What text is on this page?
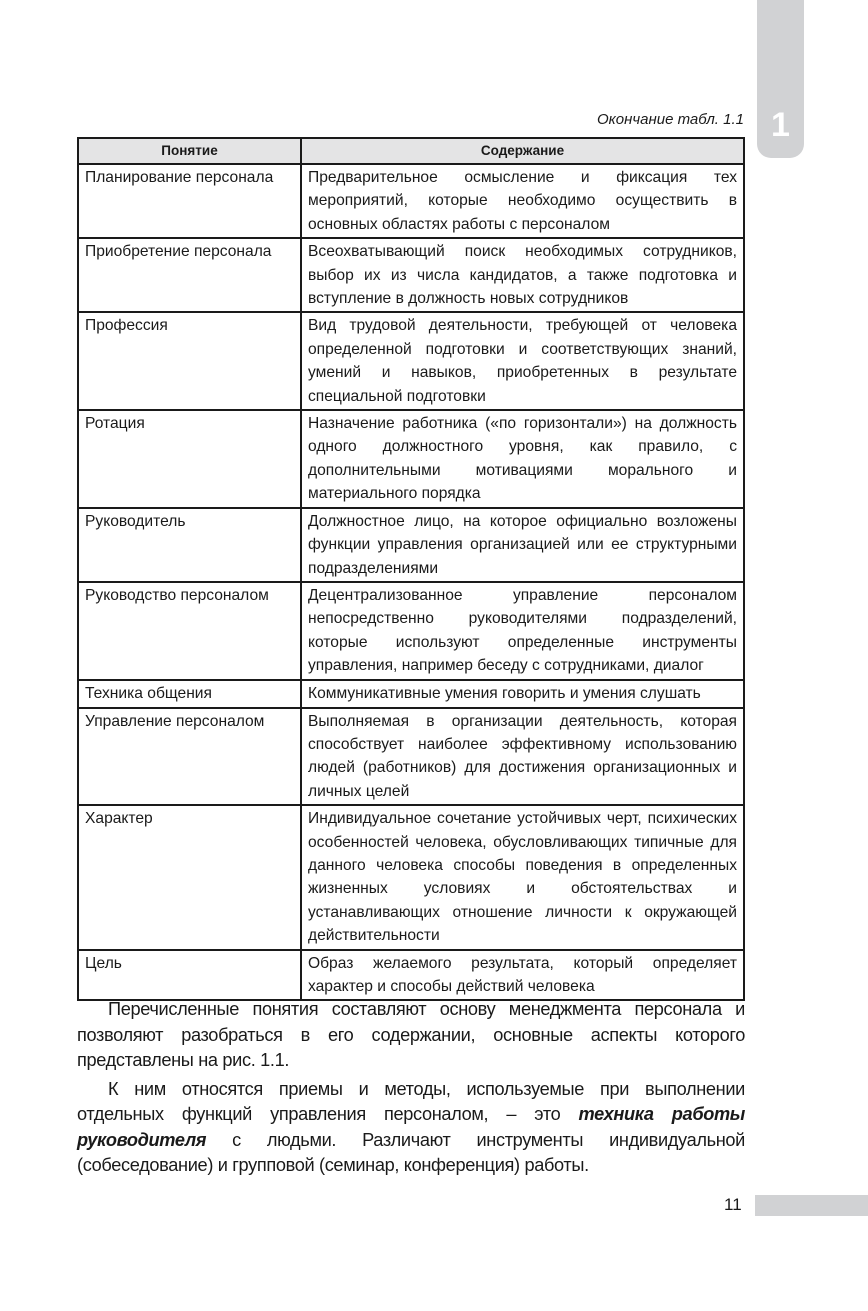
1
Окончание табл. 1.1
Понятие	Содержание
Планирование персонала	Предварительное осмысление и фиксация тех мероприятий, которые необходимо осуществить в основных областях работы с персоналом
Приобретение персонала	Всеохватывающий поиск необходимых сотрудников, выбор их из числа кандидатов, а также подготовка и вступление в должность новых сотрудников
Профессия	Вид трудовой деятельности, требующей от человека определенной подготовки и соответствующих знаний, умений и навыков, приобретенных в результате специальной подготовки
Ротация	Назначение работника («по горизонтали») на должность одного должностного уровня, как правило, с дополнительными мотивациями морального и материального порядка
Руководитель	Должностное лицо, на которое официально возложены функции управления организацией или ее структурными подразделениями
Руководство персоналом	Децентрализованное управление персоналом непосредственно руководителями подразделений, которые используют определенные инструменты управления, например беседу с сотрудниками, диалог
Техника общения	Коммуникативные умения говорить и умения слушать
Управление персоналом	Выполняемая в организации деятельность, которая способствует наиболее эффективному использованию людей (работников) для достижения организационных и личных целей
Характер	Индивидуальное сочетание устойчивых черт, психических особенностей человека, обусловливающих типичные для данного человека способы поведения в определенных жизненных условиях и обстоятельствах и устанавливающих отношение личности к окружающей действительности
Цель	Образ желаемого результата, который определяет характер и способы действий человека

Перечисленные понятия составляют основу менеджмента персонала и позволяют разобраться в его содержании, основные аспекты которого представлены на рис. 1.1.

К ним относятся приемы и методы, используемые при выполнении отдельных функций управления персоналом, – это техника работы руководителя с людьми. Различают инструменты индивидуальной (собеседование) и групповой (семинар, конференция) работы.

11
